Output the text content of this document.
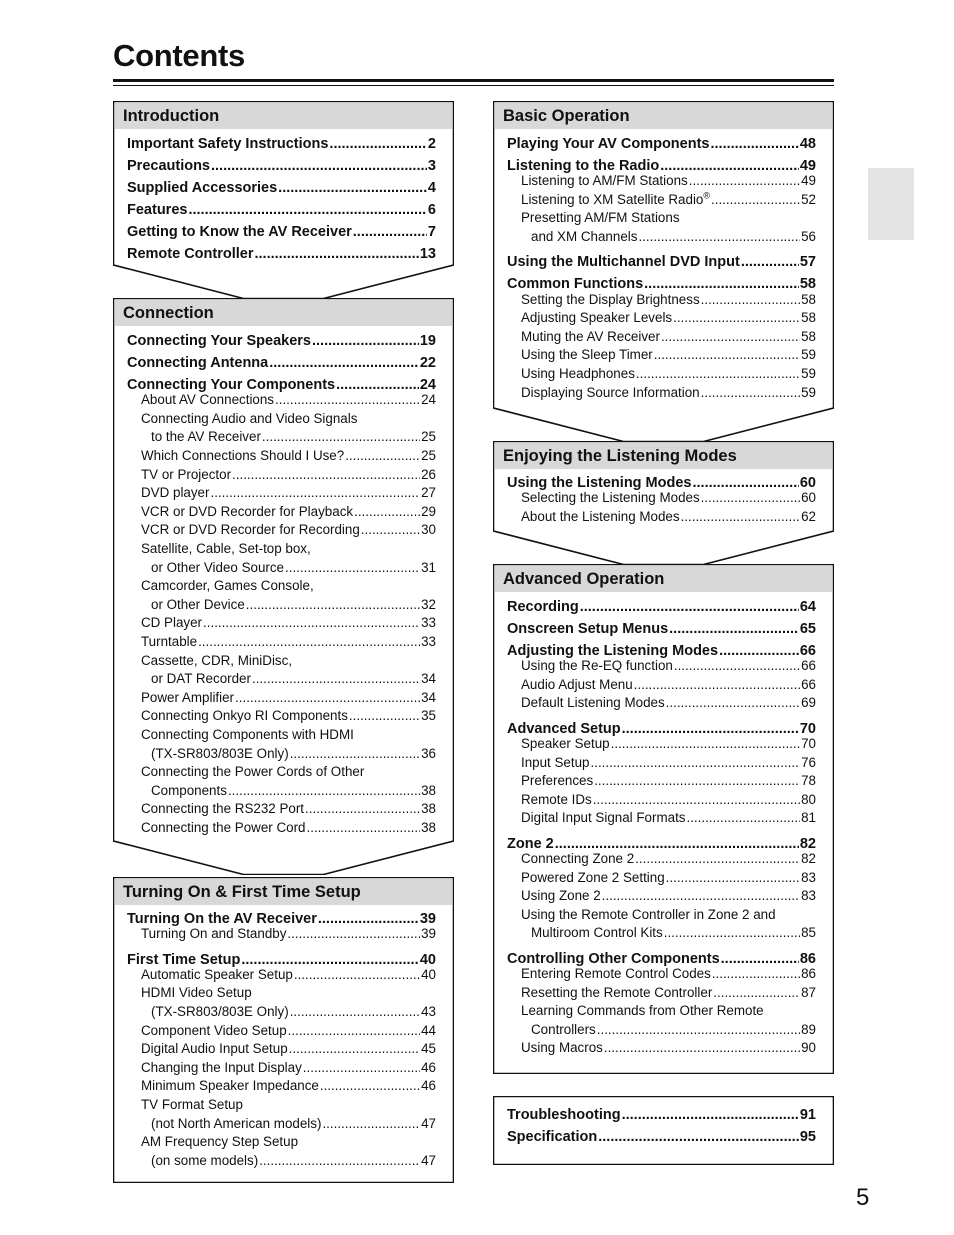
Contents
5
Introduction
Important Safety Instructions .....	2
Precautions .....	3
Supplied Accessories .....	4
Features .....	6
Getting to Know the AV Receiver .....	7
Remote Controller .....	13
Connection
Connecting Your Speakers .....	19
Connecting Antenna .....	22
Connecting Your Components .....	24
About AV Connections .....	24
Connecting Audio and Video Signals
to the AV Receiver .....	25
Which Connections Should I Use? .....	25
TV or Projector .....	26
DVD player .....	27
VCR or DVD Recorder for Playback .....	29
VCR or DVD Recorder for Recording .....	30
Satellite, Cable, Set-top box,
or Other Video Source .....	31
Camcorder, Games Console,
or Other Device .....	32
CD Player .....	33
Turntable .....	33
Cassette, CDR, MiniDisc,
or DAT Recorder .....	34
Power Amplifier .....	34
Connecting Onkyo RI Components .....	35
Connecting Components with HDMI
(TX-SR803/803E Only) .....	36
Connecting the Power Cords of Other
Components .....	38
Connecting the RS232 Port .....	38
Connecting the Power Cord .....	38
Turning On & First Time Setup
Turning On the AV Receiver .....	39
Turning On and Standby .....	39
First Time Setup .....	40
Automatic Speaker Setup .....	40
HDMI Video Setup
(TX-SR803/803E Only) .....	43
Component Video Setup .....	44
Digital Audio Input Setup .....	45
Changing the Input Display .....	46
Minimum Speaker Impedance .....	46
TV Format Setup
(not North American models) .....	47
AM Frequency Step Setup
(on some models) .....	47
Basic Operation
Playing Your AV Components .....	48
Listening to the Radio .....	49
Listening to AM/FM Stations .....	49
Listening to XM Satellite Radio® .....	52
Presetting AM/FM Stations
and XM Channels .....	56
Using the Multichannel DVD Input .....	57
Common Functions .....	58
Setting the Display Brightness .....	58
Adjusting Speaker Levels .....	58
Muting the AV Receiver .....	58
Using the Sleep Timer .....	59
Using Headphones .....	59
Displaying Source Information .....	59
Enjoying the Listening Modes
Using the Listening Modes .....	60
Selecting the Listening Modes .....	60
About the Listening Modes .....	62
Advanced Operation
Recording .....	64
Onscreen Setup Menus .....	65
Adjusting the Listening Modes .....	66
Using the Re-EQ function .....	66
Audio Adjust Menu .....	66
Default Listening Modes .....	69
Advanced Setup .....	70
Speaker Setup .....	70
Input Setup .....	76
Preferences .....	78
Remote IDs .....	80
Digital Input Signal Formats .....	81
Zone 2 .....	82
Connecting Zone 2 .....	82
Powered Zone 2 Setting .....	83
Using Zone 2 .....	83
Using the Remote Controller in Zone 2 and
Multiroom Control Kits .....	85
Controlling Other Components .....	86
Entering Remote Control Codes .....	86
Resetting the Remote Controller .....	87
Learning Commands from Other Remote
Controllers .....	89
Using Macros .....	90
Troubleshooting .....	91
Specification .....	95
